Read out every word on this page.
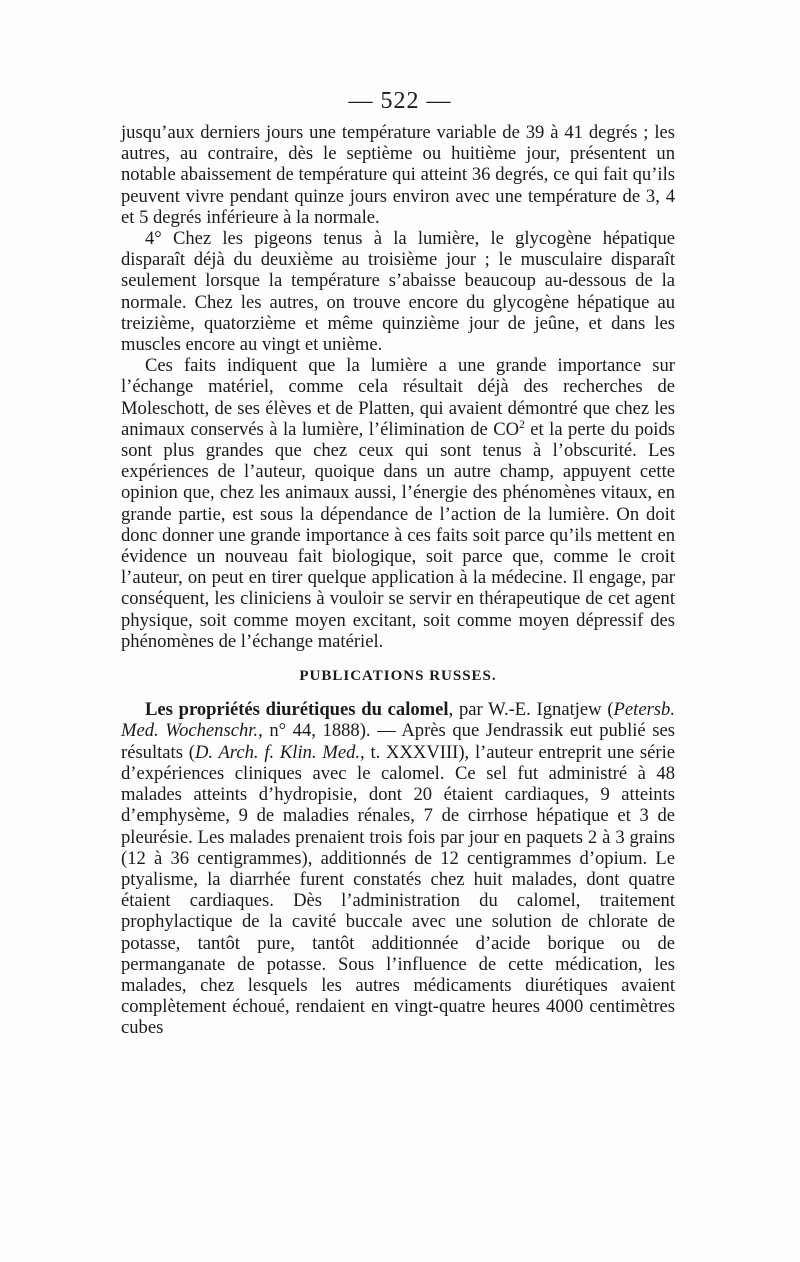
— 522 —

jusqu’aux derniers jours une température variable de 39 à 41 degrés ; les autres, au contraire, dès le septième ou huitième jour, présentent un notable abaissement de température qui atteint 36 degrés, ce qui fait qu’ils peuvent vivre pendant quinze jours environ avec une température de 3, 4 et 5 degrés inférieure à la normale.

4° Chez les pigeons tenus à la lumière, le glycogène hépatique disparaît déjà du deuxième au troisième jour ; le musculaire disparaît seulement lorsque la température s’abaisse beaucoup au-dessous de la normale. Chez les autres, on trouve encore du glycogène hépatique au treizième, quatorzième et même quinzième jour de jeûne, et dans les muscles encore au vingt et unième.

Ces faits indiquent que la lumière a une grande importance sur l’échange matériel, comme cela résultait déjà des recherches de Moleschott, de ses élèves et de Platten, qui avaient démontré que chez les animaux conservés à la lumière, l’élimination de $CO^2$ et la perte du poids sont plus grandes que chez ceux qui sont tenus à l’obscurité. Les expériences de l’auteur, quoique dans un autre champ, appuyent cette opinion que, chez les animaux aussi, l’énergie des phénomènes vitaux, en grande partie, est sous la dépendance de l’action de la lumière. On doit donc donner une grande importance à ces faits soit parce qu’ils mettent en évidence un nouveau fait biologique, soit parce que, comme le croit l’auteur, on peut en tirer quelque application à la médecine. Il engage, par conséquent, les cliniciens à vouloir se servir en thérapeutique de cet agent physique, soit comme moyen excitant, soit comme moyen dépressif des phénomènes de l’échange matériel.

PUBLICATIONS RUSSES.

Les propriétés diurétiques du calomel, par W.-E. Ignatjew (Petersb. Med. Wochenschr., n° 44, 1888). — Après que Jendrassik eut publié ses résultats (D. Arch. f. Klin. Med., t. XXXVIII), l’auteur entreprit une série d’expériences cliniques avec le calomel. Ce sel fut administré à 48 malades atteints d’hydropisie, dont 20 étaient cardiaques, 9 atteints d’emphysème, 9 de maladies rénales, 7 de cirrhose hépatique et 3 de pleurésie. Les malades prenaient trois fois par jour en paquets 2 à 3 grains (12 à 36 centigrammes), additionnés de 12 centigrammes d’opium. Le ptyalisme, la diarrhée furent constatés chez huit malades, dont quatre étaient cardiaques. Dès l’administration du calomel, traitement prophylactique de la cavité buccale avec une solution de chlorate de potasse, tantôt pure, tantôt additionnée d’acide borique ou de permanganate de potasse. Sous l’influence de cette médication, les malades, chez lesquels les autres médicaments diurétiques avaient complètement échoué, rendaient en vingt-quatre heures 4000 centimètres cubes
